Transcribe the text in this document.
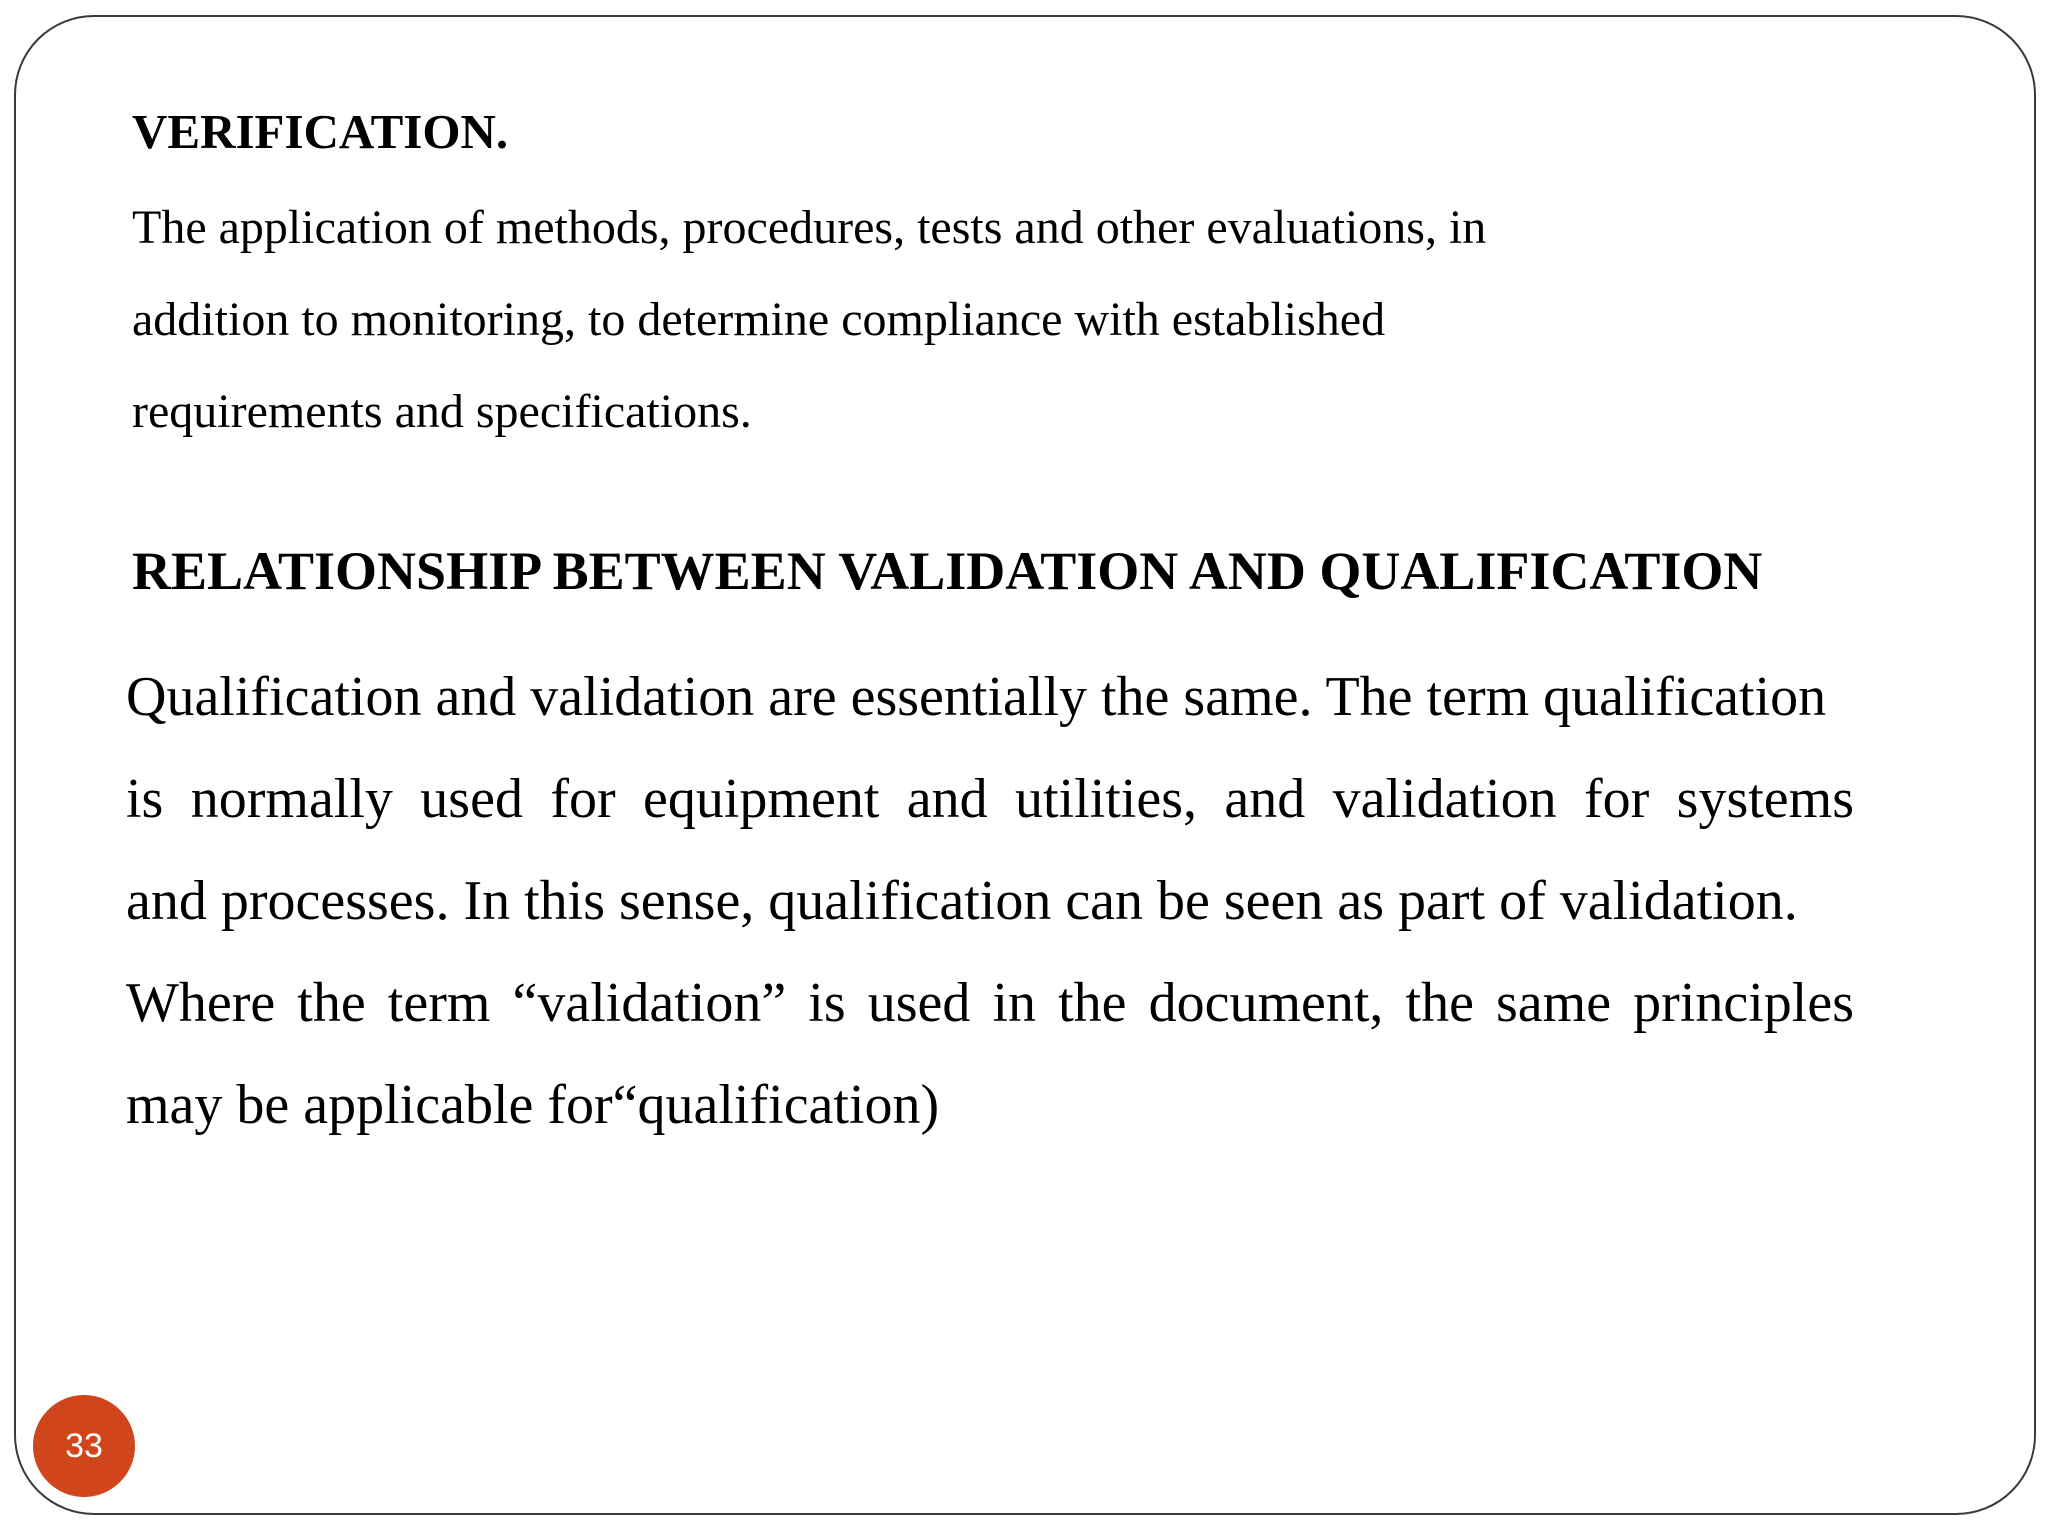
VERIFICATION.

The application of methods, procedures, tests and other evaluations, in

addition to monitoring, to determine compliance with established

requirements and specifications.

RELATIONSHIP BETWEEN VALIDATION AND QUALIFICATION

Qualification and validation are essentially the same. The term qualification

is normally used for equipment and utilities, and validation for systems

and processes. In this sense, qualification can be seen as part of validation.

Where the term “validation” is used in the document, the same principles

may be applicable for“qualification)

33
